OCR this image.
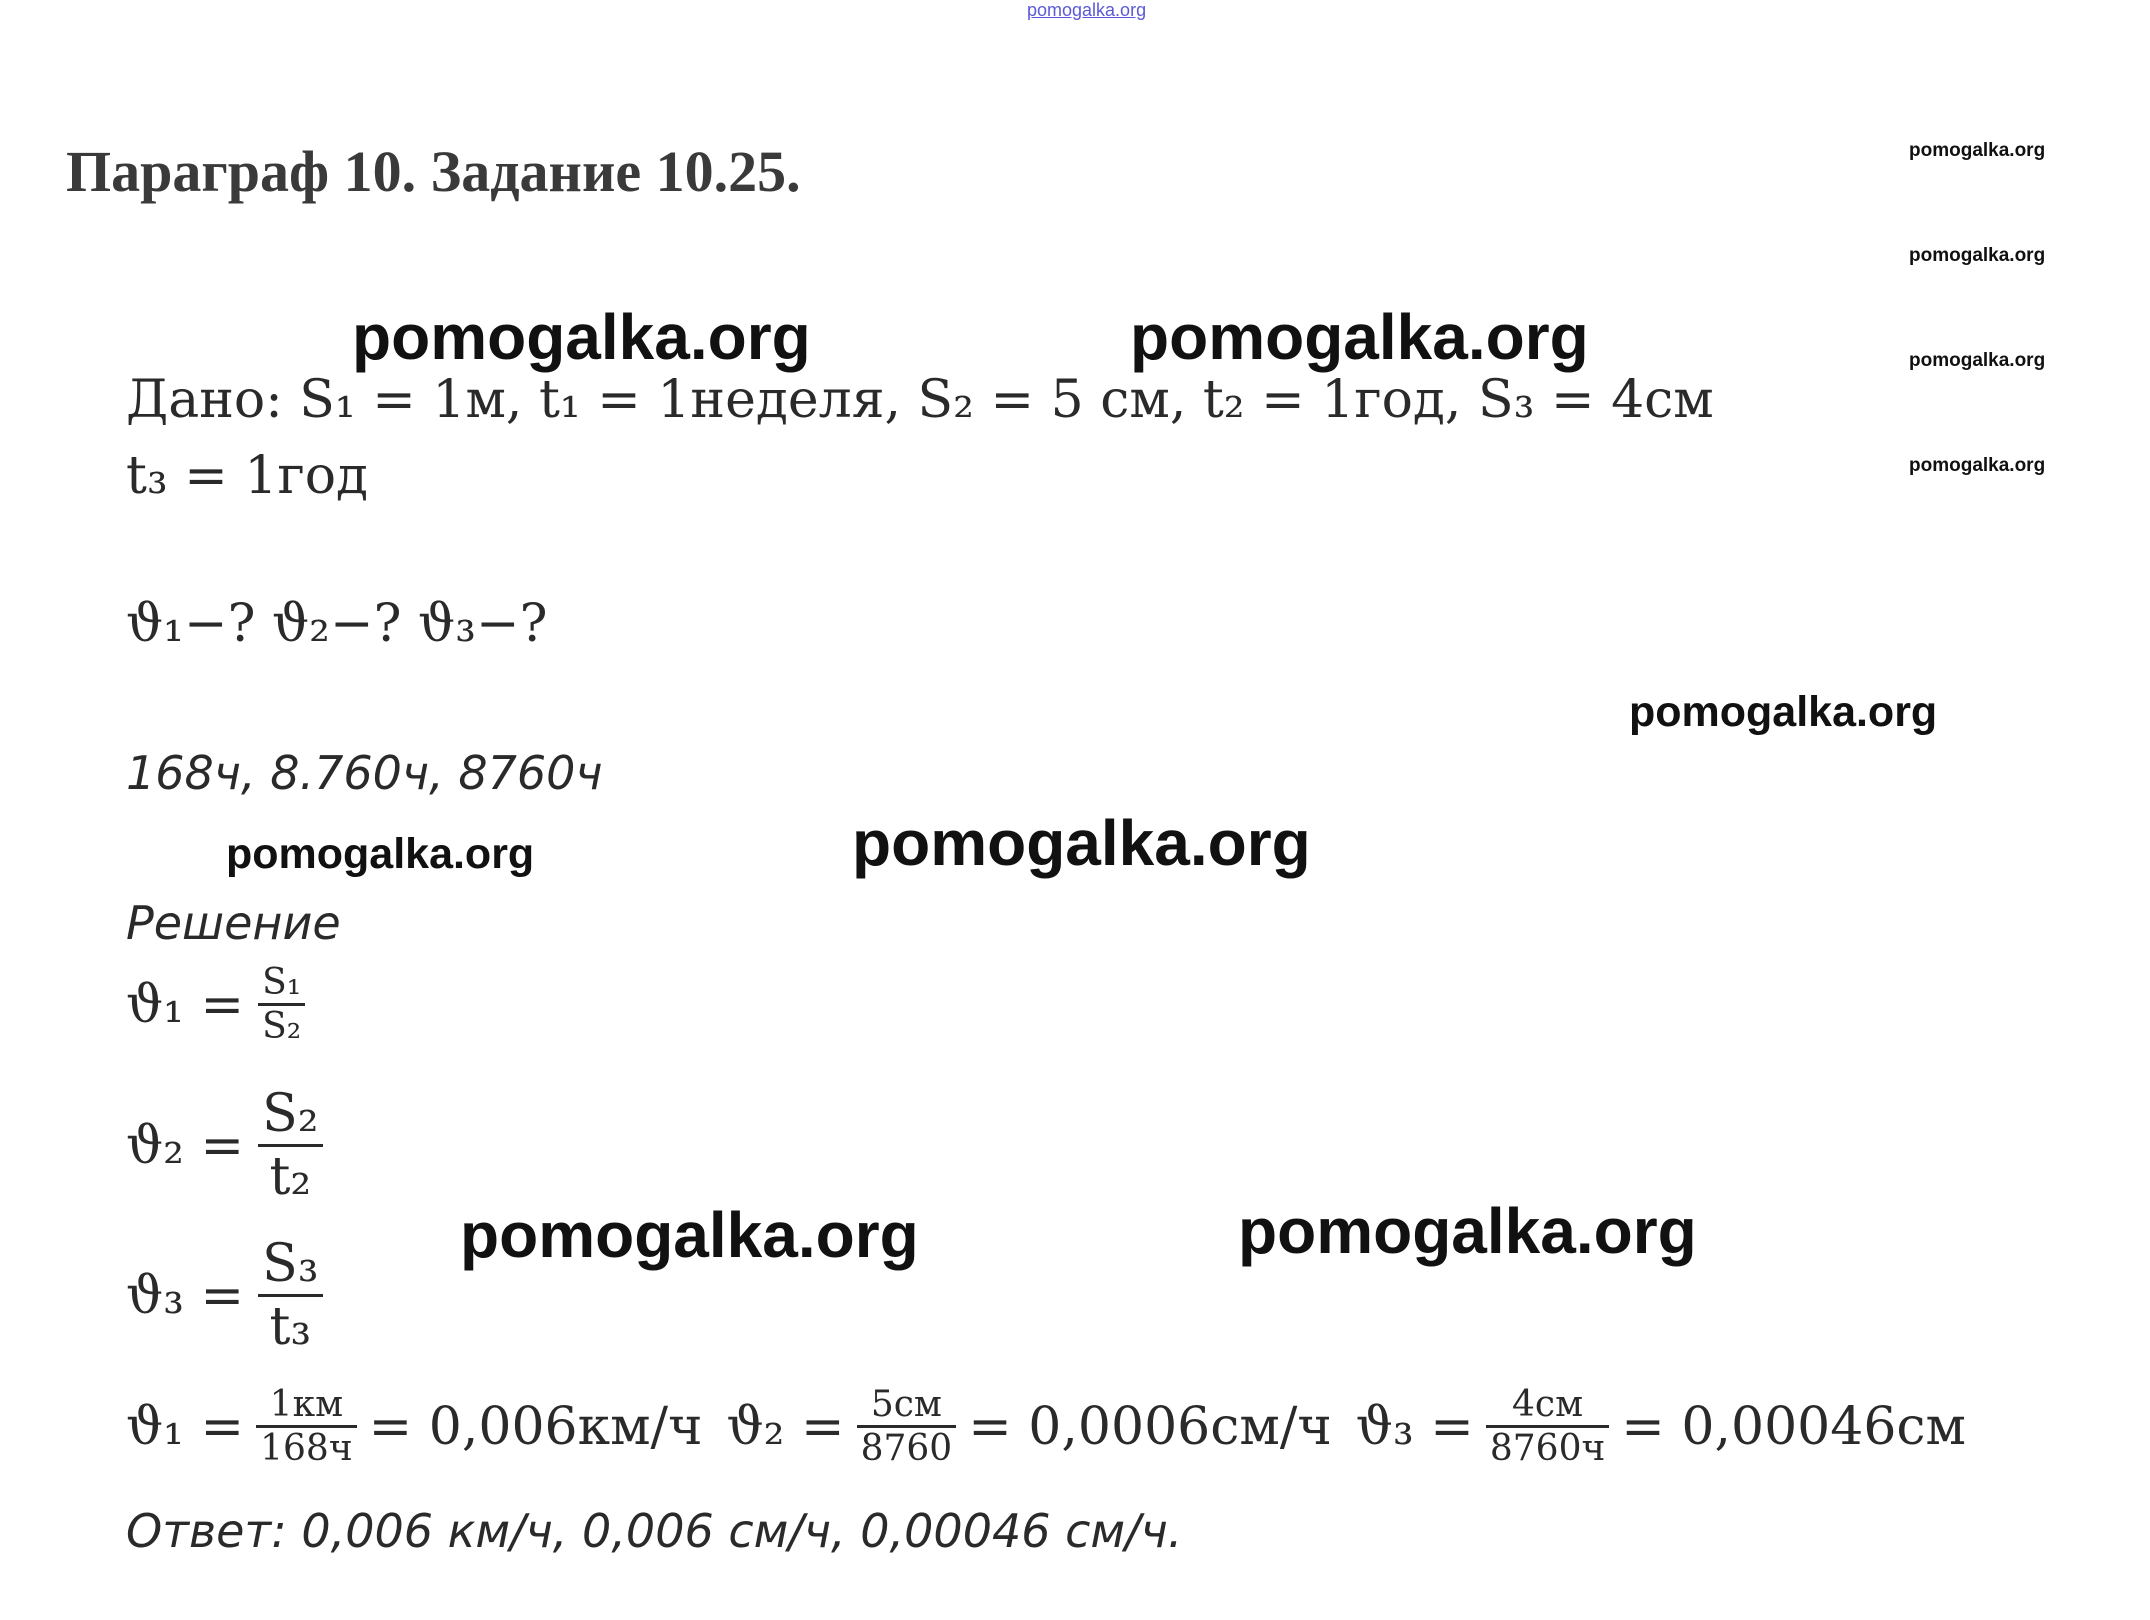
pomogalka.org
Параграф 10. Задание 10.25.	pomogalka.org
pomogalka.org
pomogalka.org
pomogalka.org
pomogalka.org	pomogalka.org
Дано: S₁ = 1м, t₁ = 1неделя, S₂ = 5 см, t₂ = 1год, S₃ = 4см
t₃ = 1год
ϑ₁−? ϑ₂−? ϑ₃−?
pomogalka.org
168ч, 8.760ч, 8760ч
pomogalka.org	pomogalka.org
Решение
$ϑ_1 = \frac{\text{S₁}}{\text{S₂}}$
$ϑ_2 = \frac{\text{S₂}}{\text{t₂}}$
pomogalka.org	pomogalka.org
$ϑ_3 = \frac{\text{S₃}}{\text{t₃}}$
$ϑ_1 = \frac{1км}{168ч} = 0,006км/ч$ $ϑ_2 = \frac{5см}{8760} = 0,0006см/ч$ $ϑ_3 = \frac{4см}{8760ч} = 0,00046см$
Ответ: 0,006 км/ч, 0,006 см/ч, 0,00046 см/ч.
